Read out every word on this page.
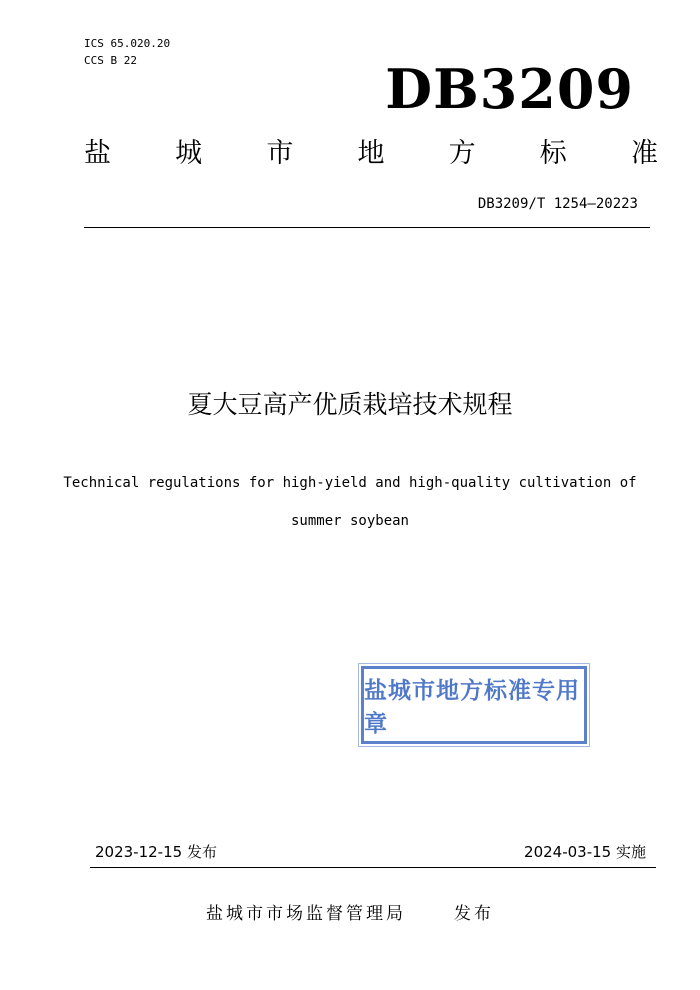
ICS 65.020.20
CCS B 22	DB3209
盐 城 市 地 方 标 准
DB3209/T 1254—20223
夏大豆高产优质栽培技术规程
Technical regulations for high-yield and high-quality cultivation of
summer soybean
盐城市地方标准专用章
2023-12-15 发布	2024-03-15 实施
盐城市市场监督管理局	发布
